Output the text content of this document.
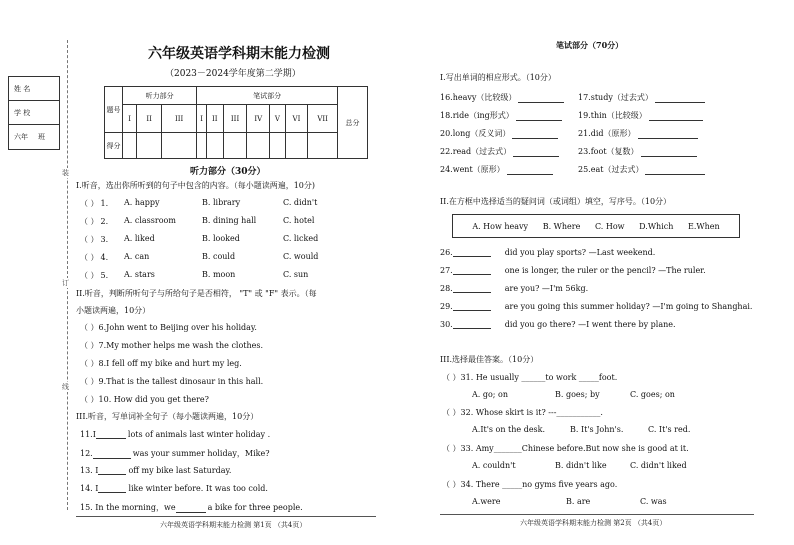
姓 名
学 校
六年 班
装
订
线
六年级英语学科期末能力检测
（2023－2024学年度第二学期）
题号	听力部分			笔试部分							总分
	I	II	III	I	II	III	IV	V	VI	VII	
得分											
听力部分（30分）
I.听音，选出你所听到的句子中包含的内容。（每小题读两遍，10分)
（ ） 1. A. happy	B. library	C. didn't
（ ） 2. A. classroom	B. dining hall	C. hotel
（ ） 3. A. liked	B. looked	C. licked
（ ） 4. A. can	B. could	C. would
（ ） 5. A. stars	B. moon	C. sun
II.听音，判断所听句子与所给句子是否相符， "T" 或 "F" 表示。（每
小题读两遍，10分）
（ ）6.John went to Beijing over his holiday.
（ ）7.My mother helps me wash the clothes.
（ ）8.I fell off my bike and hurt my leg.
（ ）9.That is the tallest dinosaur in this hall.
（ ）10. How did you get there?
III.听音，写单词补全句子（每小题读两遍，10分）
11.I	lots of animals last winter holiday .
12.	was your summer holiday，Mike?
13. I	off my bike last Saturday.
14. I	like winter before. It was too cold.
15. In the morning，we	a bike for three people.
六年级英语学科期末能力检测 第1页 （共4页）
笔试部分（70分）
I.写出单词的相应形式。（10分）
16.heavy（比较级）	17.study（过去式）
18.ride（ing形式）	19.thin（比较级）
20.long（反义词）	21.did（原形）
22.read（过去式）	23.foot（复数）
24.went（原形）	25.eat（过去式）
II.在方框中选择适当的疑问词（或词组）填空，写序号。（10分）
A. How heavy B. Where C. How D.Which E.When
26.	did you play sports? —Last weekend.
27.	one is longer, the ruler or the pencil? —The ruler.
28.	are you? —I'm 56kg.
29.	are you going this summer holiday? —I'm going to Shanghai.
30.	did you go there? —I went there by plane.
III.选择最佳答案。（10分）
（ ）31. He usually ______to work _____foot.
A. go; on	B. goes; by	C. goes; on
（ ）32. Whose skirt is it? ---___________.
A.It's on the desk.	B. It's John's.	C. It's red.
（ ）33. Amy_______Chinese before.But now she is good at it.
A. couldn't	B. didn't like	C. didn't liked
（ ）34. There _____no gyms five years ago.
A.were	B. are	C. was
六年级英语学科期末能力检测 第2页 （共4页）
